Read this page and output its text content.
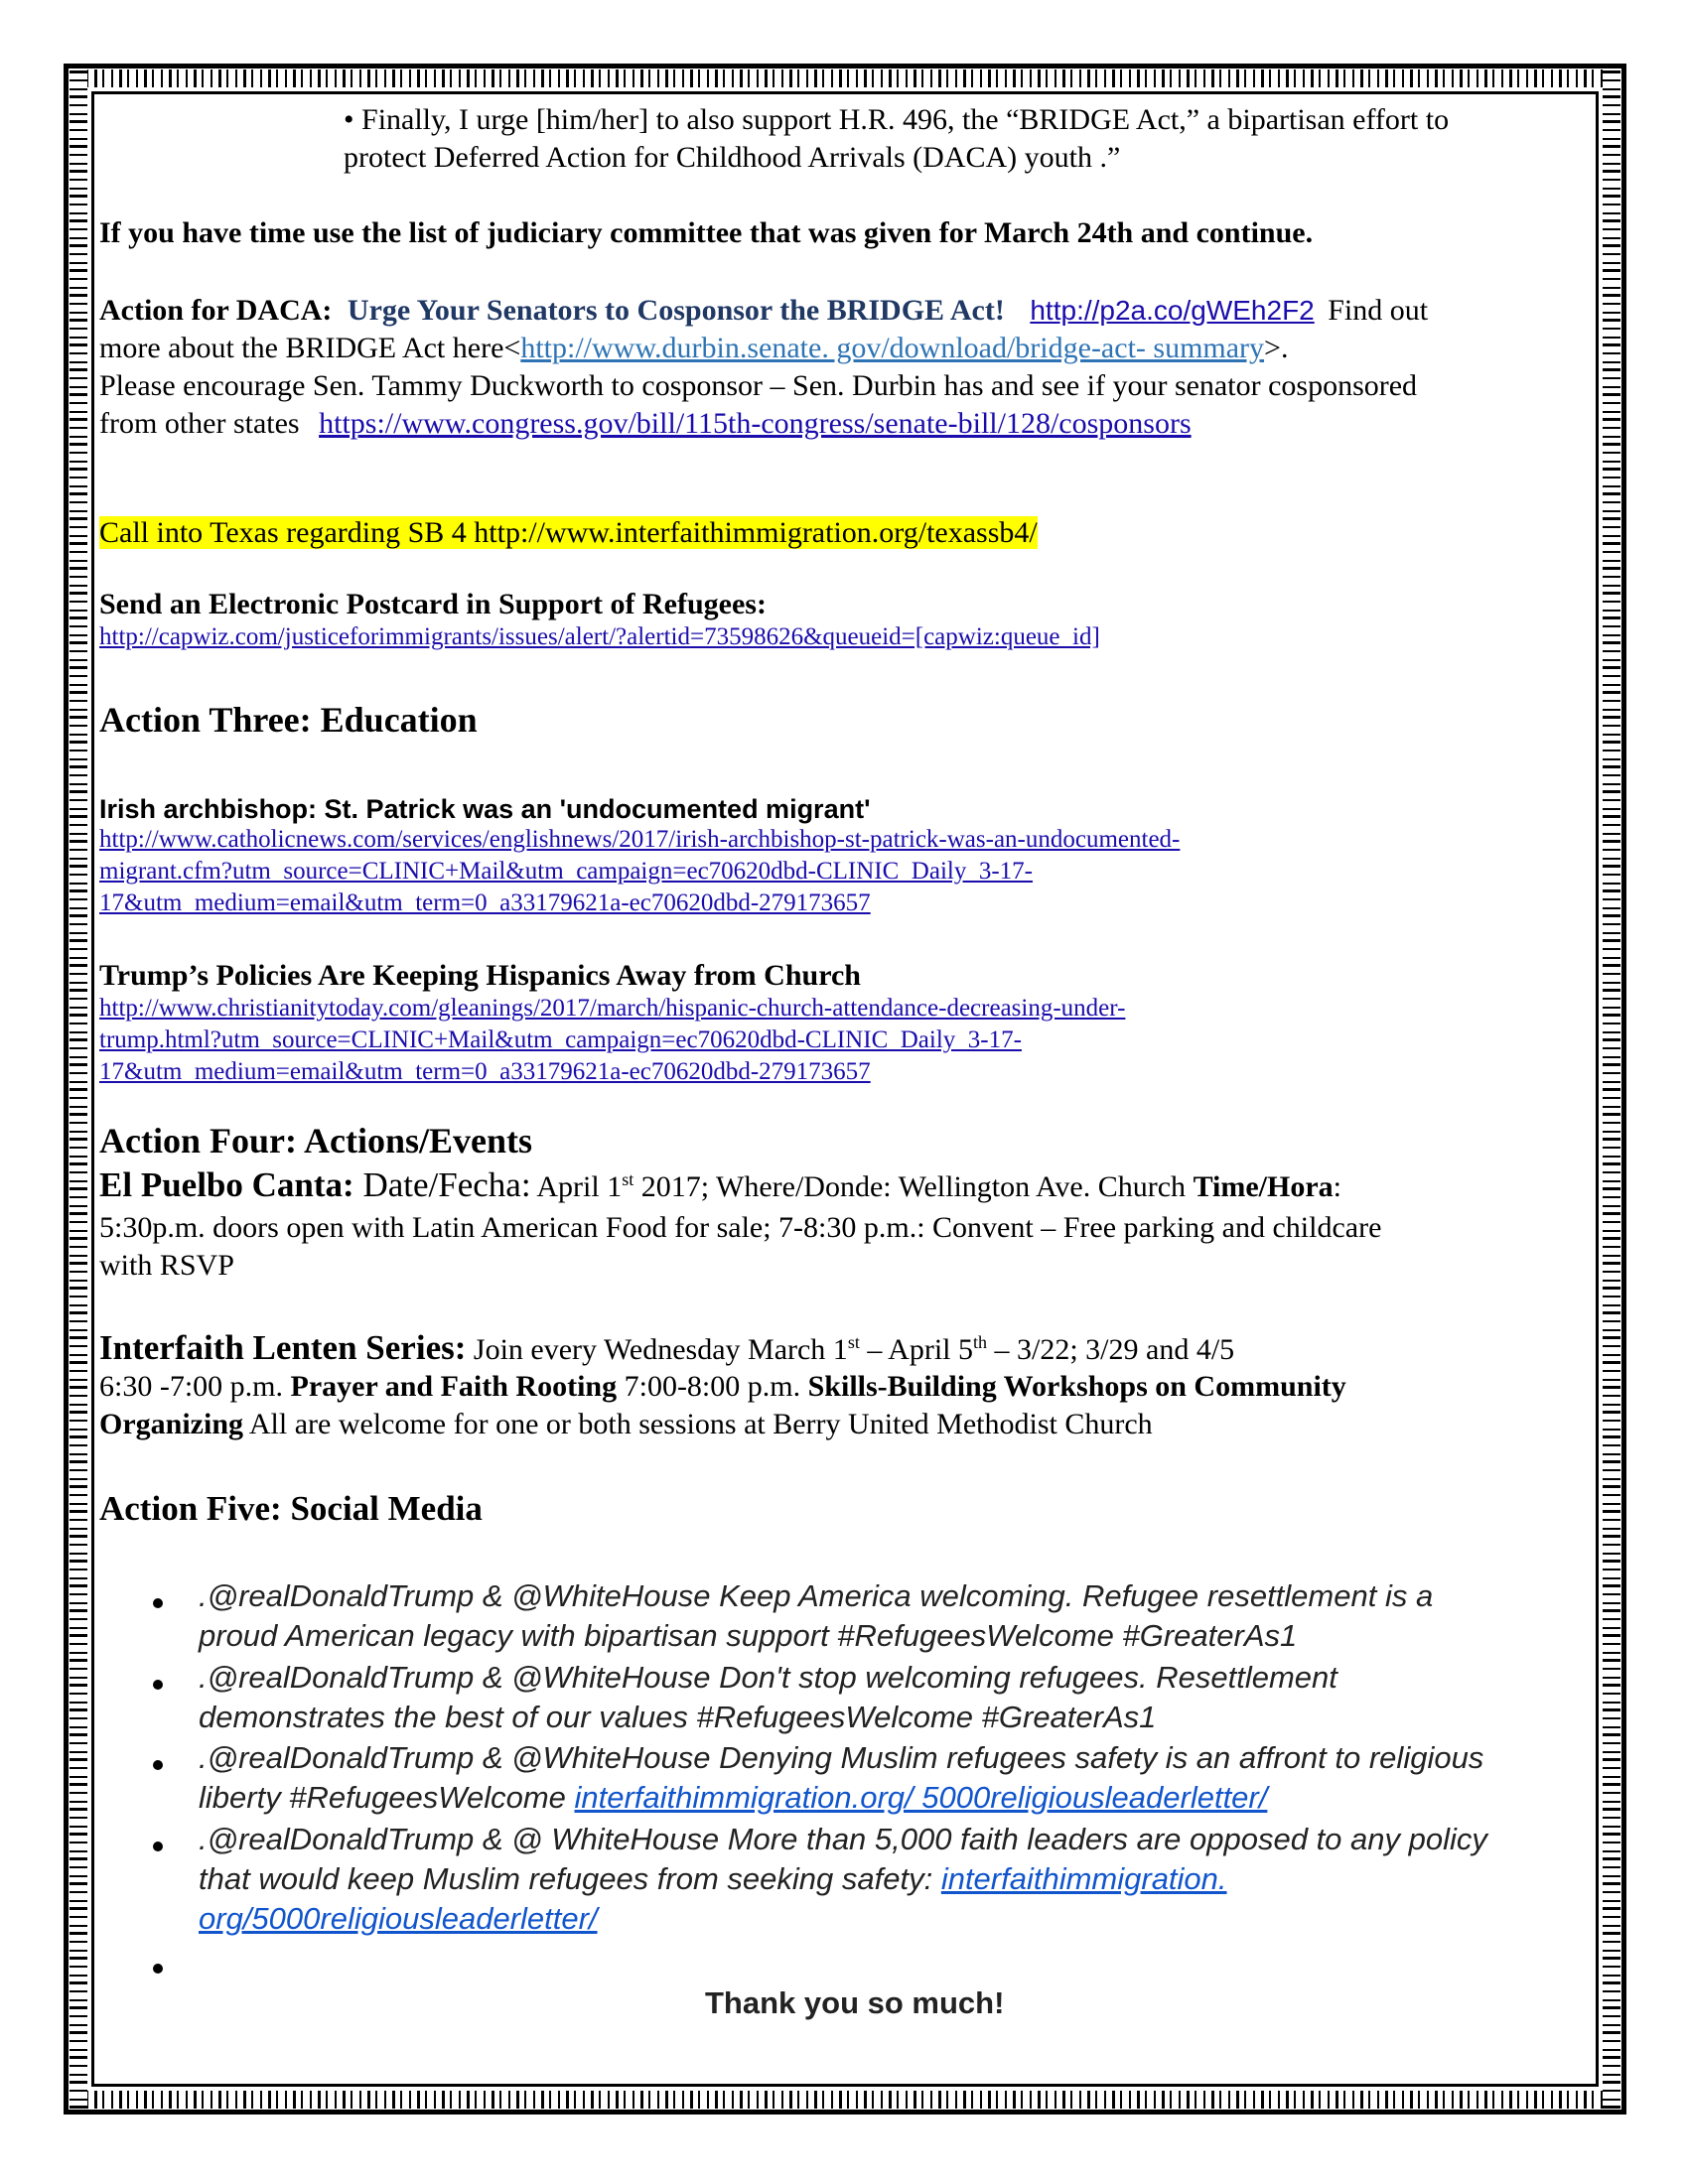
• Finally, I urge [him/her] to also support H.R. 496, the “BRIDGE Act,” a bipartisan effort to
protect Deferred Action for Childhood Arrivals (DACA) youth .”
If you have time use the list of judiciary committee that was given for March 24th and continue.
Action for DACA: Urge Your Senators to Cosponsor the BRIDGE Act! http://p2a.co/gWEh2F2 Find out
more about the BRIDGE Act here<http://www.durbin.senate. gov/download/bridge-act- summary>.
Please encourage Sen. Tammy Duckworth to cosponsor – Sen. Durbin has and see if your senator cosponsored
from other states https://www.congress.gov/bill/115th-congress/senate-bill/128/cosponsors
Call into Texas regarding SB 4 http://www.interfaithimmigration.org/texassb4/
Send an Electronic Postcard in Support of Refugees:
http://capwiz.com/justiceforimmigrants/issues/alert/?alertid=73598626&queueid=[capwiz:queue_id]
Action Three: Education
Irish archbishop: St. Patrick was an 'undocumented migrant'
http://www.catholicnews.com/services/englishnews/2017/irish-archbishop-st-patrick-was-an-undocumented-
migrant.cfm?utm_source=CLINIC+Mail&utm_campaign=ec70620dbd-CLINIC_Daily_3-17-
17&utm_medium=email&utm_term=0_a33179621a-ec70620dbd-279173657
Trump’s Policies Are Keeping Hispanics Away from Church
http://www.christianitytoday.com/gleanings/2017/march/hispanic-church-attendance-decreasing-under-
trump.html?utm_source=CLINIC+Mail&utm_campaign=ec70620dbd-CLINIC_Daily_3-17-
17&utm_medium=email&utm_term=0_a33179621a-ec70620dbd-279173657
Action Four: Actions/Events
El Puelbo Canta: Date/Fecha: April 1st 2017; Where/Donde: Wellington Ave. Church Time/Hora:
5:30p.m. doors open with Latin American Food for sale; 7-8:30 p.m.: Convent – Free parking and childcare
with RSVP
Interfaith Lenten Series: Join every Wednesday March 1st – April 5th – 3/22; 3/29 and 4/5
6:30 -7:00 p.m. Prayer and Faith Rooting 7:00-8:00 p.m. Skills-Building Workshops on Community
Organizing All are welcome for one or both sessions at Berry United Methodist Church
Action Five: Social Media
.@realDonaldTrump & @WhiteHouse Keep America welcoming. Refugee resettlement is a
proud American legacy with bipartisan support #RefugeesWelcome #GreaterAs1
.@realDonaldTrump & @WhiteHouse Don't stop welcoming refugees. Resettlement
demonstrates the best of our values #RefugeesWelcome #GreaterAs1
.@realDonaldTrump & @WhiteHouse Denying Muslim refugees safety is an affront to religious
liberty #RefugeesWelcome interfaithimmigration.org/ 5000religiousleaderletter/
.@realDonaldTrump & @ WhiteHouse More than 5,000 faith leaders are opposed to any policy
that would keep Muslim refugees from seeking safety: interfaithimmigration.
org/5000religiousleaderletter/
Thank you so much!
